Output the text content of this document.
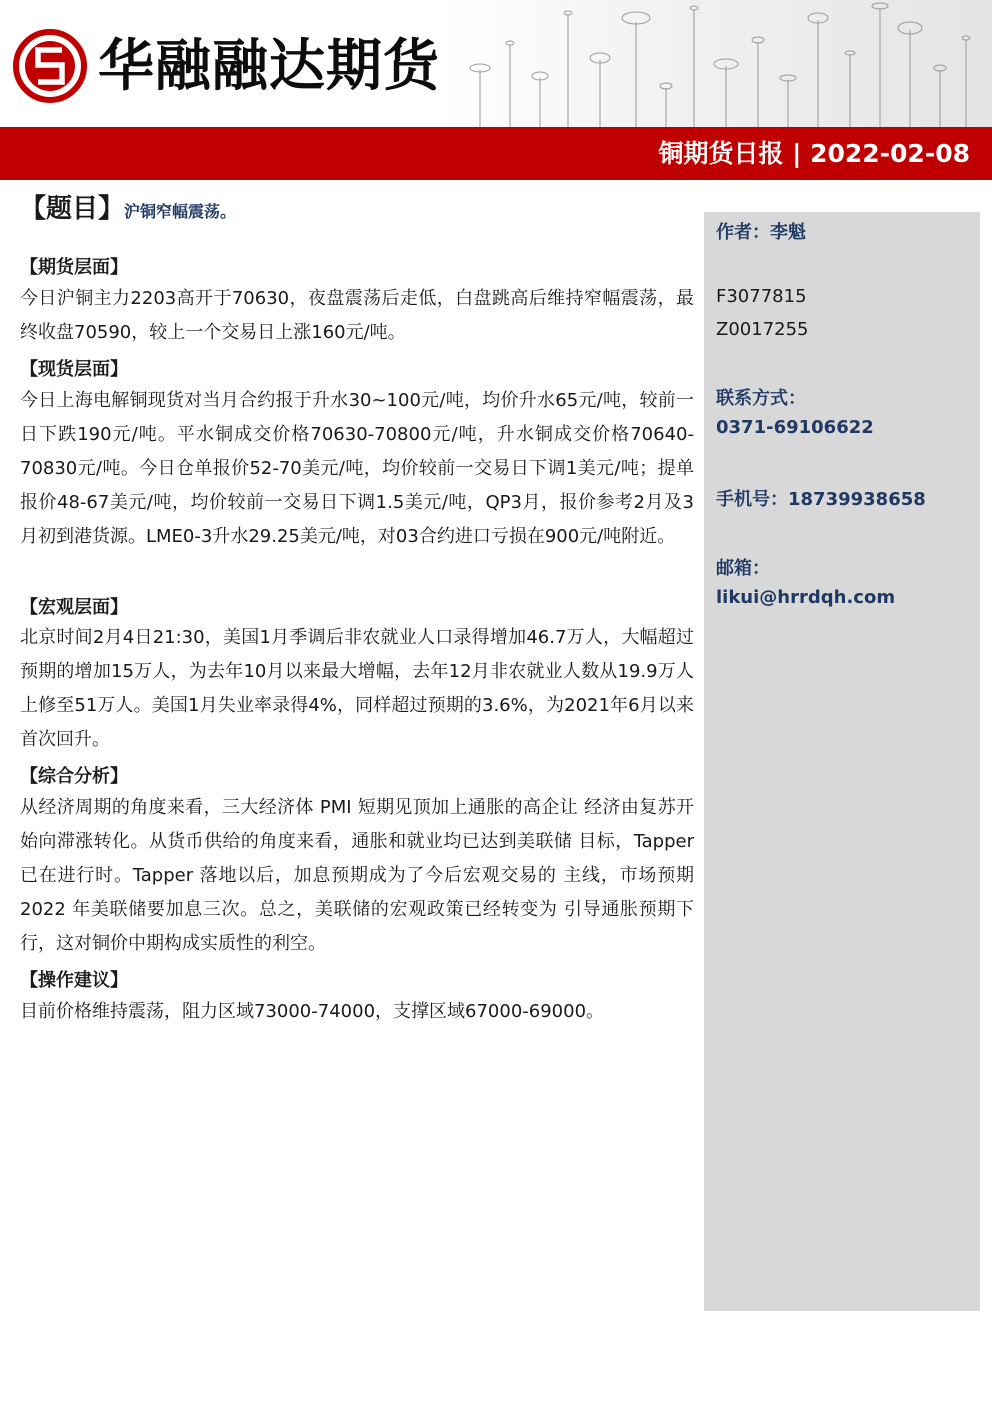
华融融达期货
铜期货日报 | 2022-02-08
作者：李魁
F3077815
Z0017255
联系方式：
0371-69106622
手机号：18739938658
邮箱：
likui@hrrdqh.com
【题目】沪铜窄幅震荡。
【期货层面】
今日沪铜主力2203高开于70630，夜盘震荡后走低，白盘跳高后维持窄幅震荡，最终收盘70590，较上一个交易日上涨160元/吨。
【现货层面】
今日上海电解铜现货对当月合约报于升水30~100元/吨，均价升水65元/吨，较前一日下跌190元/吨。平水铜成交价格70630-70800元/吨，升水铜成交价格70640-70830元/吨。今日仓单报价52-70美元/吨，均价较前一交易日下调1美元/吨；提单报价48-67美元/吨，均价较前一交易日下调1.5美元/吨，QP3月，报价参考2月及3月初到港货源。LME0-3升水29.25美元/吨，对03合约进口亏损在900元/吨附近。
【宏观层面】
北京时间2月4日21:30，美国1月季调后非农就业人口录得增加46.7万人，大幅超过预期的增加15万人，为去年10月以来最大增幅，去年12月非农就业人数从19.9万人上修至51万人。美国1月失业率录得4%，同样超过预期的3.6%，为2021年6月以来首次回升。
【综合分析】
从经济周期的角度来看，三大经济体 PMI 短期见顶加上通胀的高企让 经济由复苏开始向滞涨转化。从货币供给的角度来看，通胀和就业均已达到美联储 目标，Tapper 已在进行时。Tapper 落地以后，加息预期成为了今后宏观交易的 主线，市场预期 2022 年美联储要加息三次。总之，美联储的宏观政策已经转变为 引导通胀预期下行，这对铜价中期构成实质性的利空。
【操作建议】
目前价格维持震荡，阻力区域73000-74000，支撑区域67000-69000。
